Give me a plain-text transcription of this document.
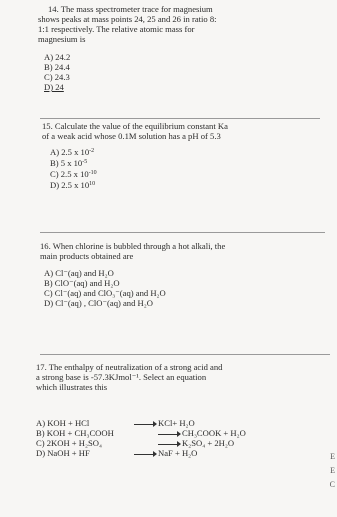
14. The mass spectrometer trace for magnesium
shows peaks at mass points 24, 25 and 26 in ratio 8:
1:1 respectively. The relative atomic mass for
magnesium is
A) 24.2
B) 24.4
C) 24.3
D) 24
15. Calculate the value of the equilibrium constant Ka
of a weak acid whose 0.1M solution has a pH of 5.3
A) 2.5 x $10^{-2}$
B) 5 x $10^{-5}$
C) 2.5 x $10^{-10}$
D) 2.5 x $10^{10}$
16. When chlorine is bubbled through a hot alkali, the
main products obtained are
A) Cl⁻(aq) and H₂O
B) ClO⁻(aq) and H₂O
C) Cl⁻(aq) and ClO₃⁻(aq) and H₂O
D) Cl⁻(aq) , ClO⁻(aq) and H₂O
17. The enthalpy of neutralization of a strong acid and
a strong base is -57.3KJmol⁻¹. Select an equation
which illustrates this
A) KOH + HCl	KCl+ H₂O
B) KOH + CH₃COOH	CH₃COOK + H₂O
C) 2KOH + H₂SO₄	K₂SO₄ + 2H₂O
D) NaOH + HF	NaF + H₂O	E
E
C
